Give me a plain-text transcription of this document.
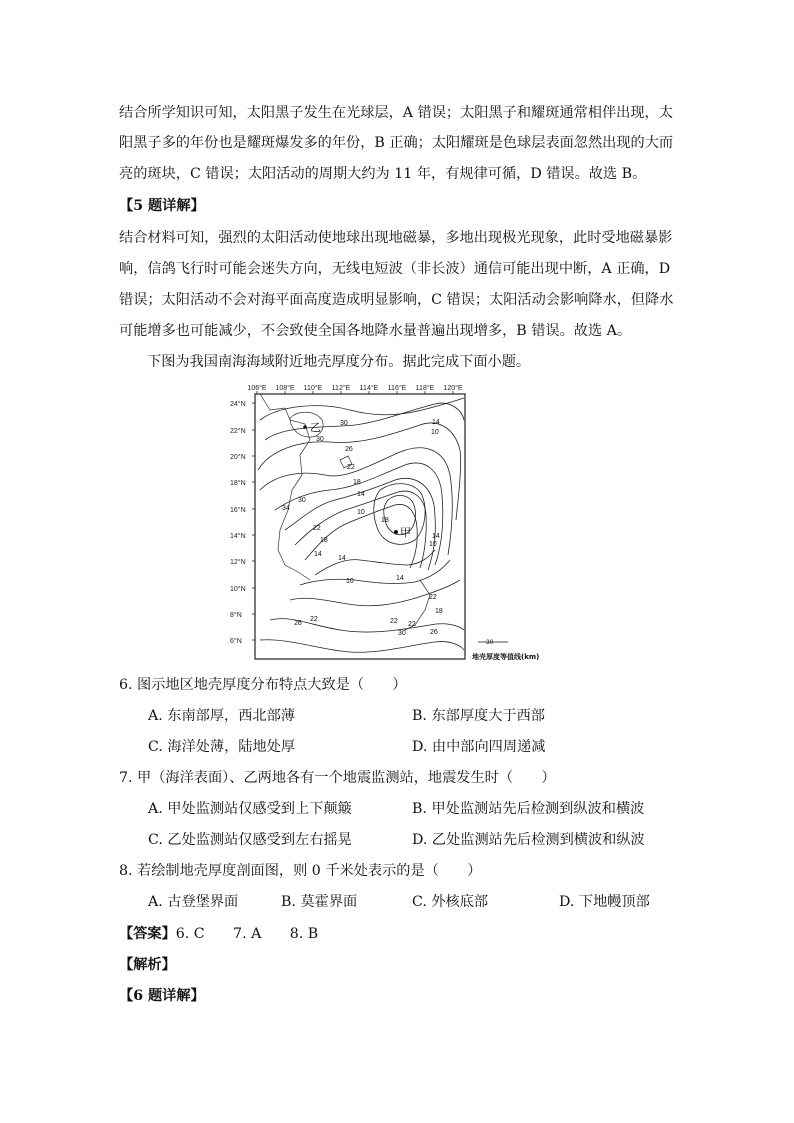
结合所学知识可知，太阳黑子发生在光球层，A 错误；太阳黑子和耀斑通常相伴出现，太
阳黑子多的年份也是耀斑爆发多的年份，B 正确；太阳耀斑是色球层表面忽然出现的大而
亮的斑块，C 错误；太阳活动的周期大约为 11 年，有规律可循，D 错误。故选 B。
【5 题详解】
结合材料可知，强烈的太阳活动使地球出现地磁暴，多地出现极光现象，此时受地磁暴影
响，信鸽飞行时可能会迷失方向，无线电短波（非长波）通信可能出现中断，A 正确，D
错误；太阳活动不会对海平面高度造成明显影响，C 错误；太阳活动会影响降水，但降水
可能增多也可能减少，不会致使全国各地降水量普遍出现增多，B 错误。故选 A。
下图为我国南海海域附近地壳厚度分布。据此完成下面小题。
106°E 108°E 110°E 112°E 114°E 116°E 118°E 120°E
24°N
22°N
20°N
18°N
16°N
14°N
12°N
10°N
8°N
6°N
30
30
26
22
18
14
10
14
10
30
34
22
18
14
10	14
22
18
26
22	22
30
22
26
10
14
18
14
乙
甲
30
地壳厚度等值线(km)
6. 图示地区地壳厚度分布特点大致是（　　）
A. 东南部厚，西北部薄	B. 东部厚度大于西部
C. 海洋处薄，陆地处厚	D. 由中部向四周递减
7. 甲（海洋表面）、乙两地各有一个地震监测站，地震发生时（　　）
A. 甲处监测站仅感受到上下颠簸	B. 甲处监测站先后检测到纵波和横波
C. 乙处监测站仅感受到左右摇晃	D. 乙处监测站先后检测到横波和纵波
8. 若绘制地壳厚度剖面图，则 0 千米处表示的是（　　）
A. 古登堡界面	B. 莫霍界面	C. 外核底部	D. 下地幔顶部
【答案】6. C　　7. A　　8. B
【解析】
【6 题详解】
